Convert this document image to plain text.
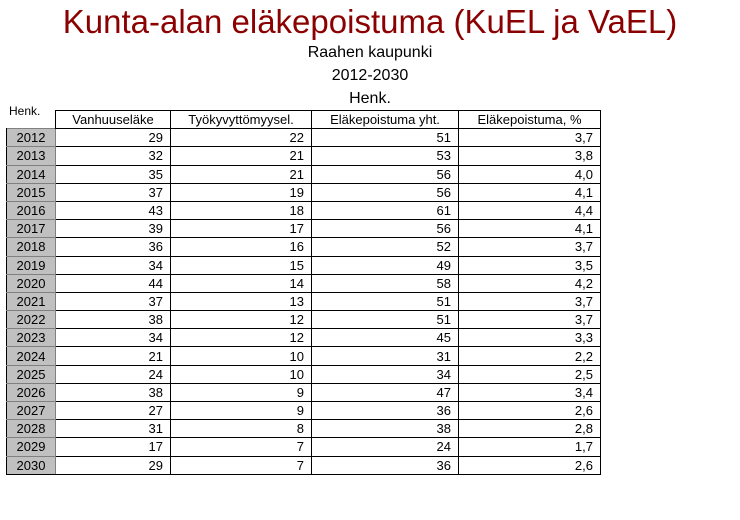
Kunta-alan eläkepoistuma (KuEL ja VaEL)
Raahen kaupunki
2012-2030
Henk.
Henk.
	Vanhuuseläke	Työkyvyttömyysel.	Eläkepoistuma yht.	Eläkepoistuma, %
2012	29	22	51	3,7
2013	32	21	53	3,8
2014	35	21	56	4,0
2015	37	19	56	4,1
2016	43	18	61	4,4
2017	39	17	56	4,1
2018	36	16	52	3,7
2019	34	15	49	3,5
2020	44	14	58	4,2
2021	37	13	51	3,7
2022	38	12	51	3,7
2023	34	12	45	3,3
2024	21	10	31	2,2
2025	24	10	34	2,5
2026	38	9	47	3,4
2027	27	9	36	2,6
2028	31	8	38	2,8
2029	17	7	24	1,7
2030	29	7	36	2,6
